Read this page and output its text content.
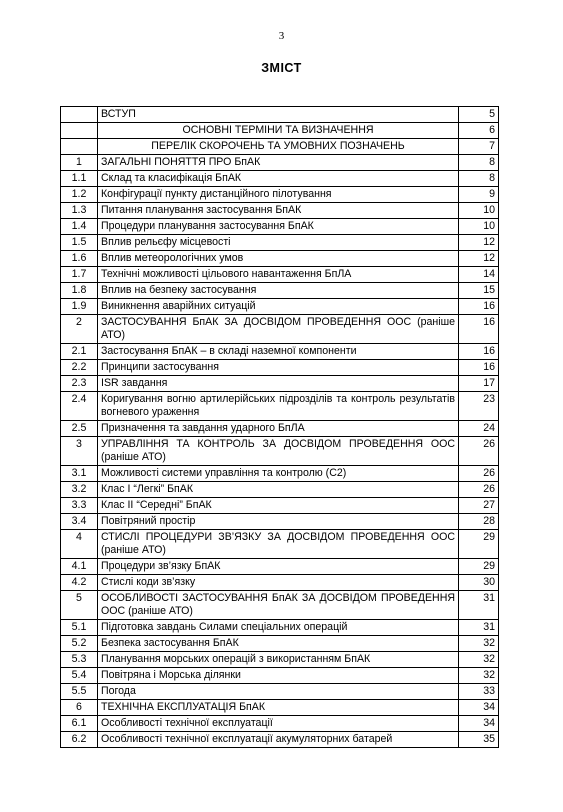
3
ЗМІСТ
	ВСТУП	5
	ОСНОВНІ ТЕРМІНИ ТА ВИЗНАЧЕННЯ	6
	ПЕРЕЛІК СКОРОЧЕНЬ ТА УМОВНИХ ПОЗНАЧЕНЬ	7
1	ЗАГАЛЬНІ ПОНЯТТЯ ПРО БпАК	8
1.1	Склад та класифікація БпАК	8
1.2	Конфігурації пункту дистанційного пілотування	9
1.3	Питання планування застосування БпАК	10
1.4	Процедури планування застосування БпАК	10
1.5	Вплив рельєфу місцевості	12
1.6	Вплив метеорологічних умов	12
1.7	Технічні можливості цільового навантаження БпЛА	14
1.8	Вплив на безпеку застосування	15
1.9	Виникнення аварійних ситуацій	16
2	ЗАСТОСУВАННЯ БпАК ЗА ДОСВІДОМ ПРОВЕДЕННЯ ООС (раніше АТО)	16
2.1	Застосування БпАК – в складі наземної компоненти	16
2.2	Принципи застосування	16
2.3	ISR завдання	17
2.4	Коригування вогню артилерійських підрозділів та контроль результатів вогневого ураження	23
2.5	Призначення та завдання ударного БпЛА	24
3	УПРАВЛІННЯ ТА КОНТРОЛЬ ЗА ДОСВІДОМ ПРОВЕДЕННЯ ООС (раніше АТО)	26
3.1	Можливості системи управління та контролю (С2)	26
3.2	Клас І “Легкі” БпАК	26
3.3	Клас ІІ “Середні” БпАК	27
3.4	Повітряний простір	28
4	СТИСЛІ ПРОЦЕДУРИ ЗВ’ЯЗКУ ЗА ДОСВІДОМ ПРОВЕДЕННЯ ООС (раніше АТО)	29
4.1	Процедури зв’язку БпАК	29
4.2	Стислі коди зв’язку	30
5	ОСОБЛИВОСТІ ЗАСТОСУВАННЯ БпАК ЗА ДОСВІДОМ ПРОВЕДЕННЯ ООС (раніше АТО)	31
5.1	Підготовка завдань Силами спеціальних операцій	31
5.2	Безпека застосування БпАК	32
5.3	Планування морських операцій з використанням БпАК	32
5.4	Повітряна і Морська ділянки	32
5.5	Погода	33
6	ТЕХНІЧНА ЕКСПЛУАТАЦІЯ БпАК	34
6.1	Особливості технічної експлуатації	34
6.2	Особливості технічної експлуатації акумуляторних батарей	35
